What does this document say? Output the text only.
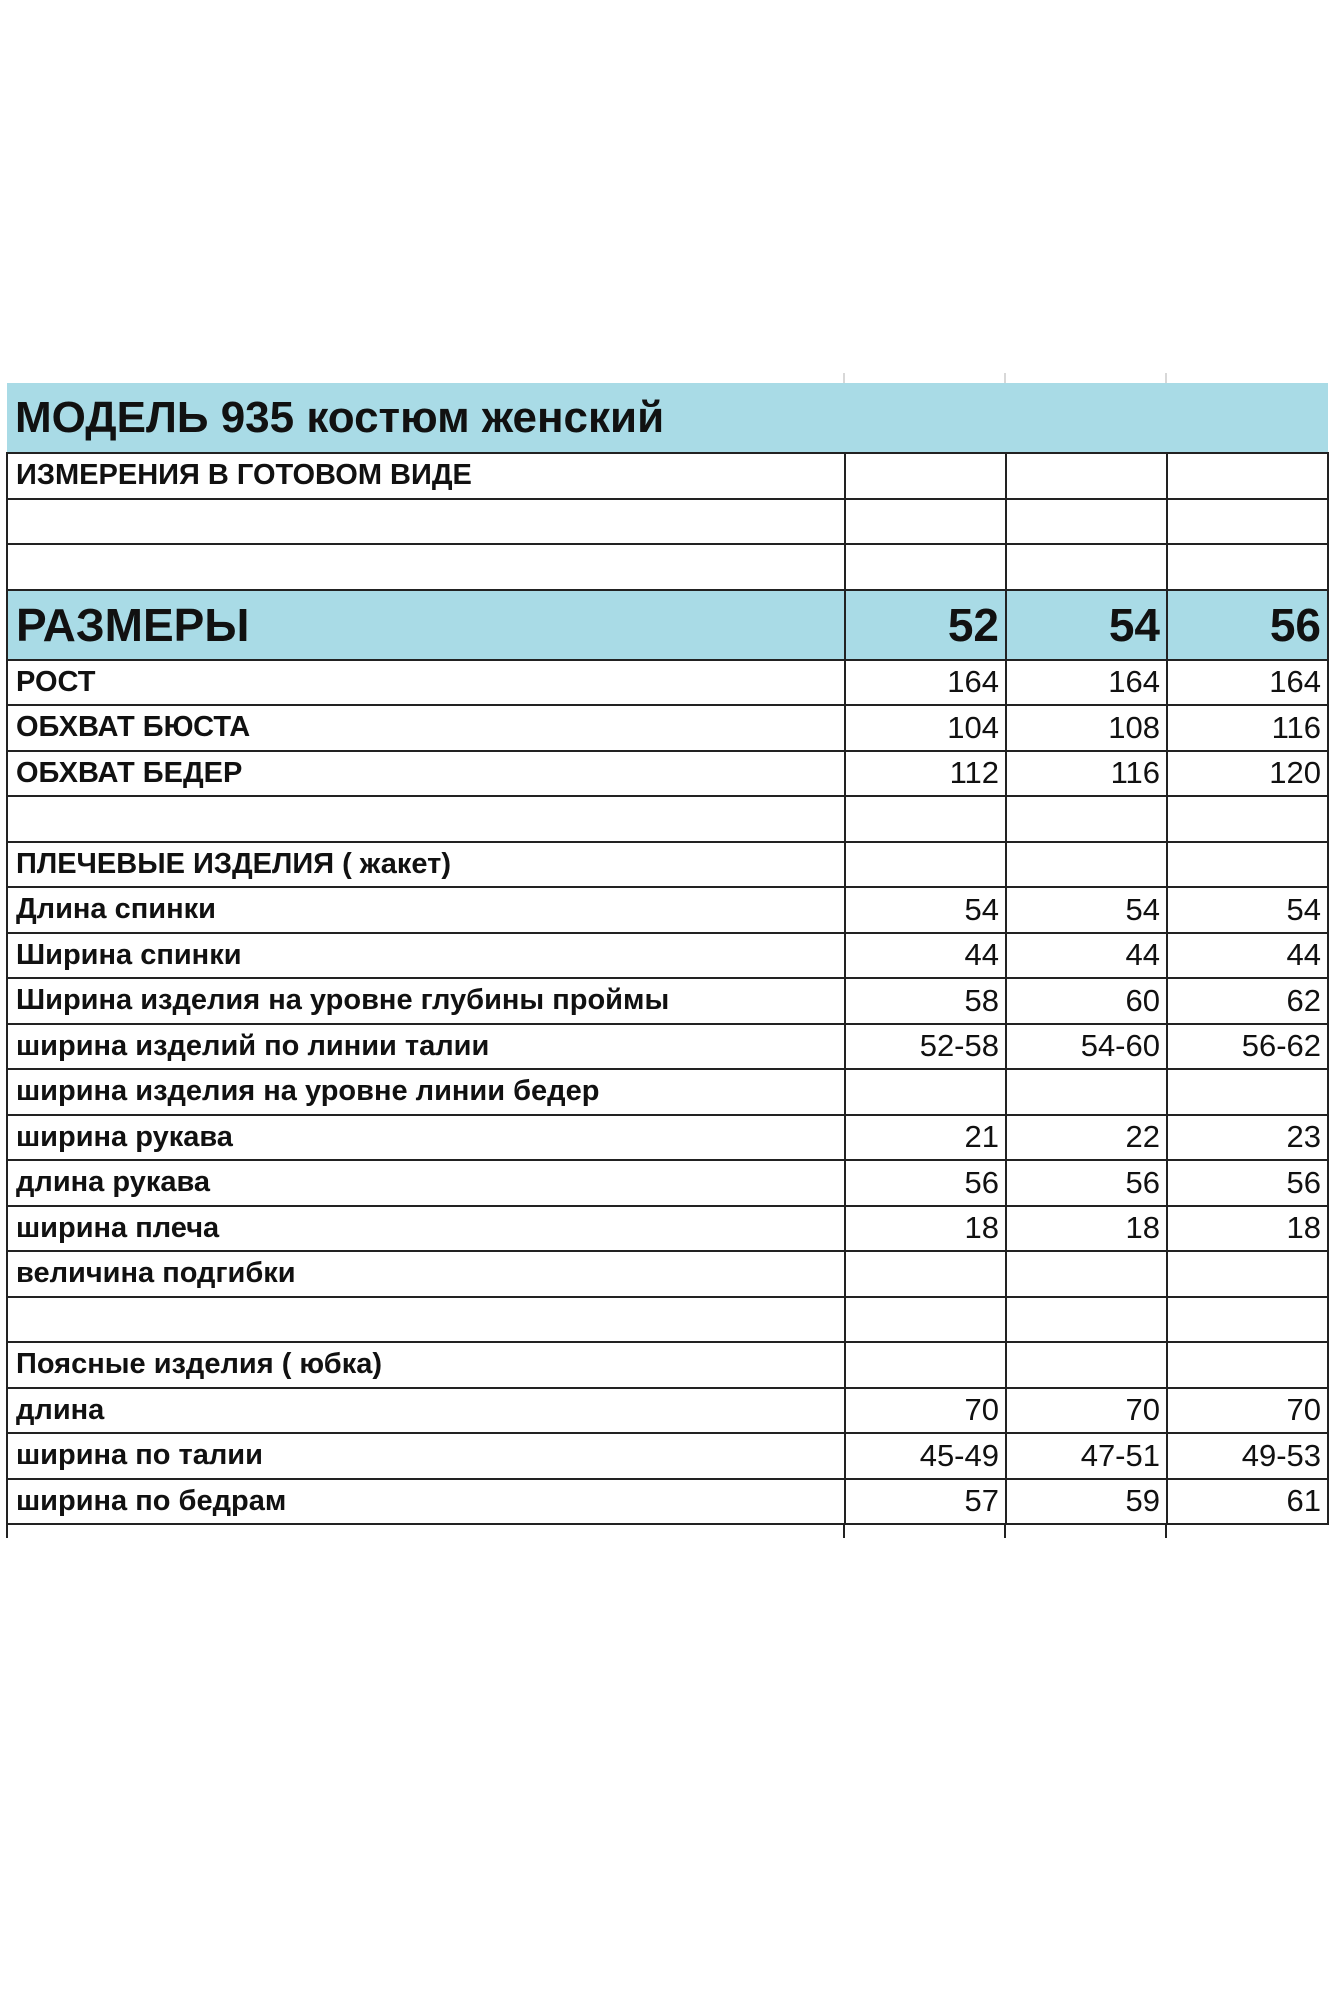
МОДЕЛЬ 935 костюм женский			
ИЗМЕРЕНИЯ В ГОТОВОМ ВИДЕ			

РАЗМЕРЫ	52	54	56
РОСТ	164	164	164
ОБХВАТ БЮСТА	104	108	116
ОБХВАТ БЕДЕР	112	116	120

ПЛЕЧЕВЫЕ ИЗДЕЛИЯ ( жакет)			
Длина спинки	54	54	54
Ширина спинки	44	44	44
Ширина изделия на уровне глубины проймы	58	60	62
ширина изделий по линии талии	52-58	54-60	56-62
ширина изделия на уровне линии бедер			
ширина рукава	21	22	23
длина рукава	56	56	56
ширина плеча	18	18	18
величина подгибки			

Поясные изделия ( юбка)			
длина	70	70	70
ширина по талии	45-49	47-51	49-53
ширина по бедрам	57	59	61
